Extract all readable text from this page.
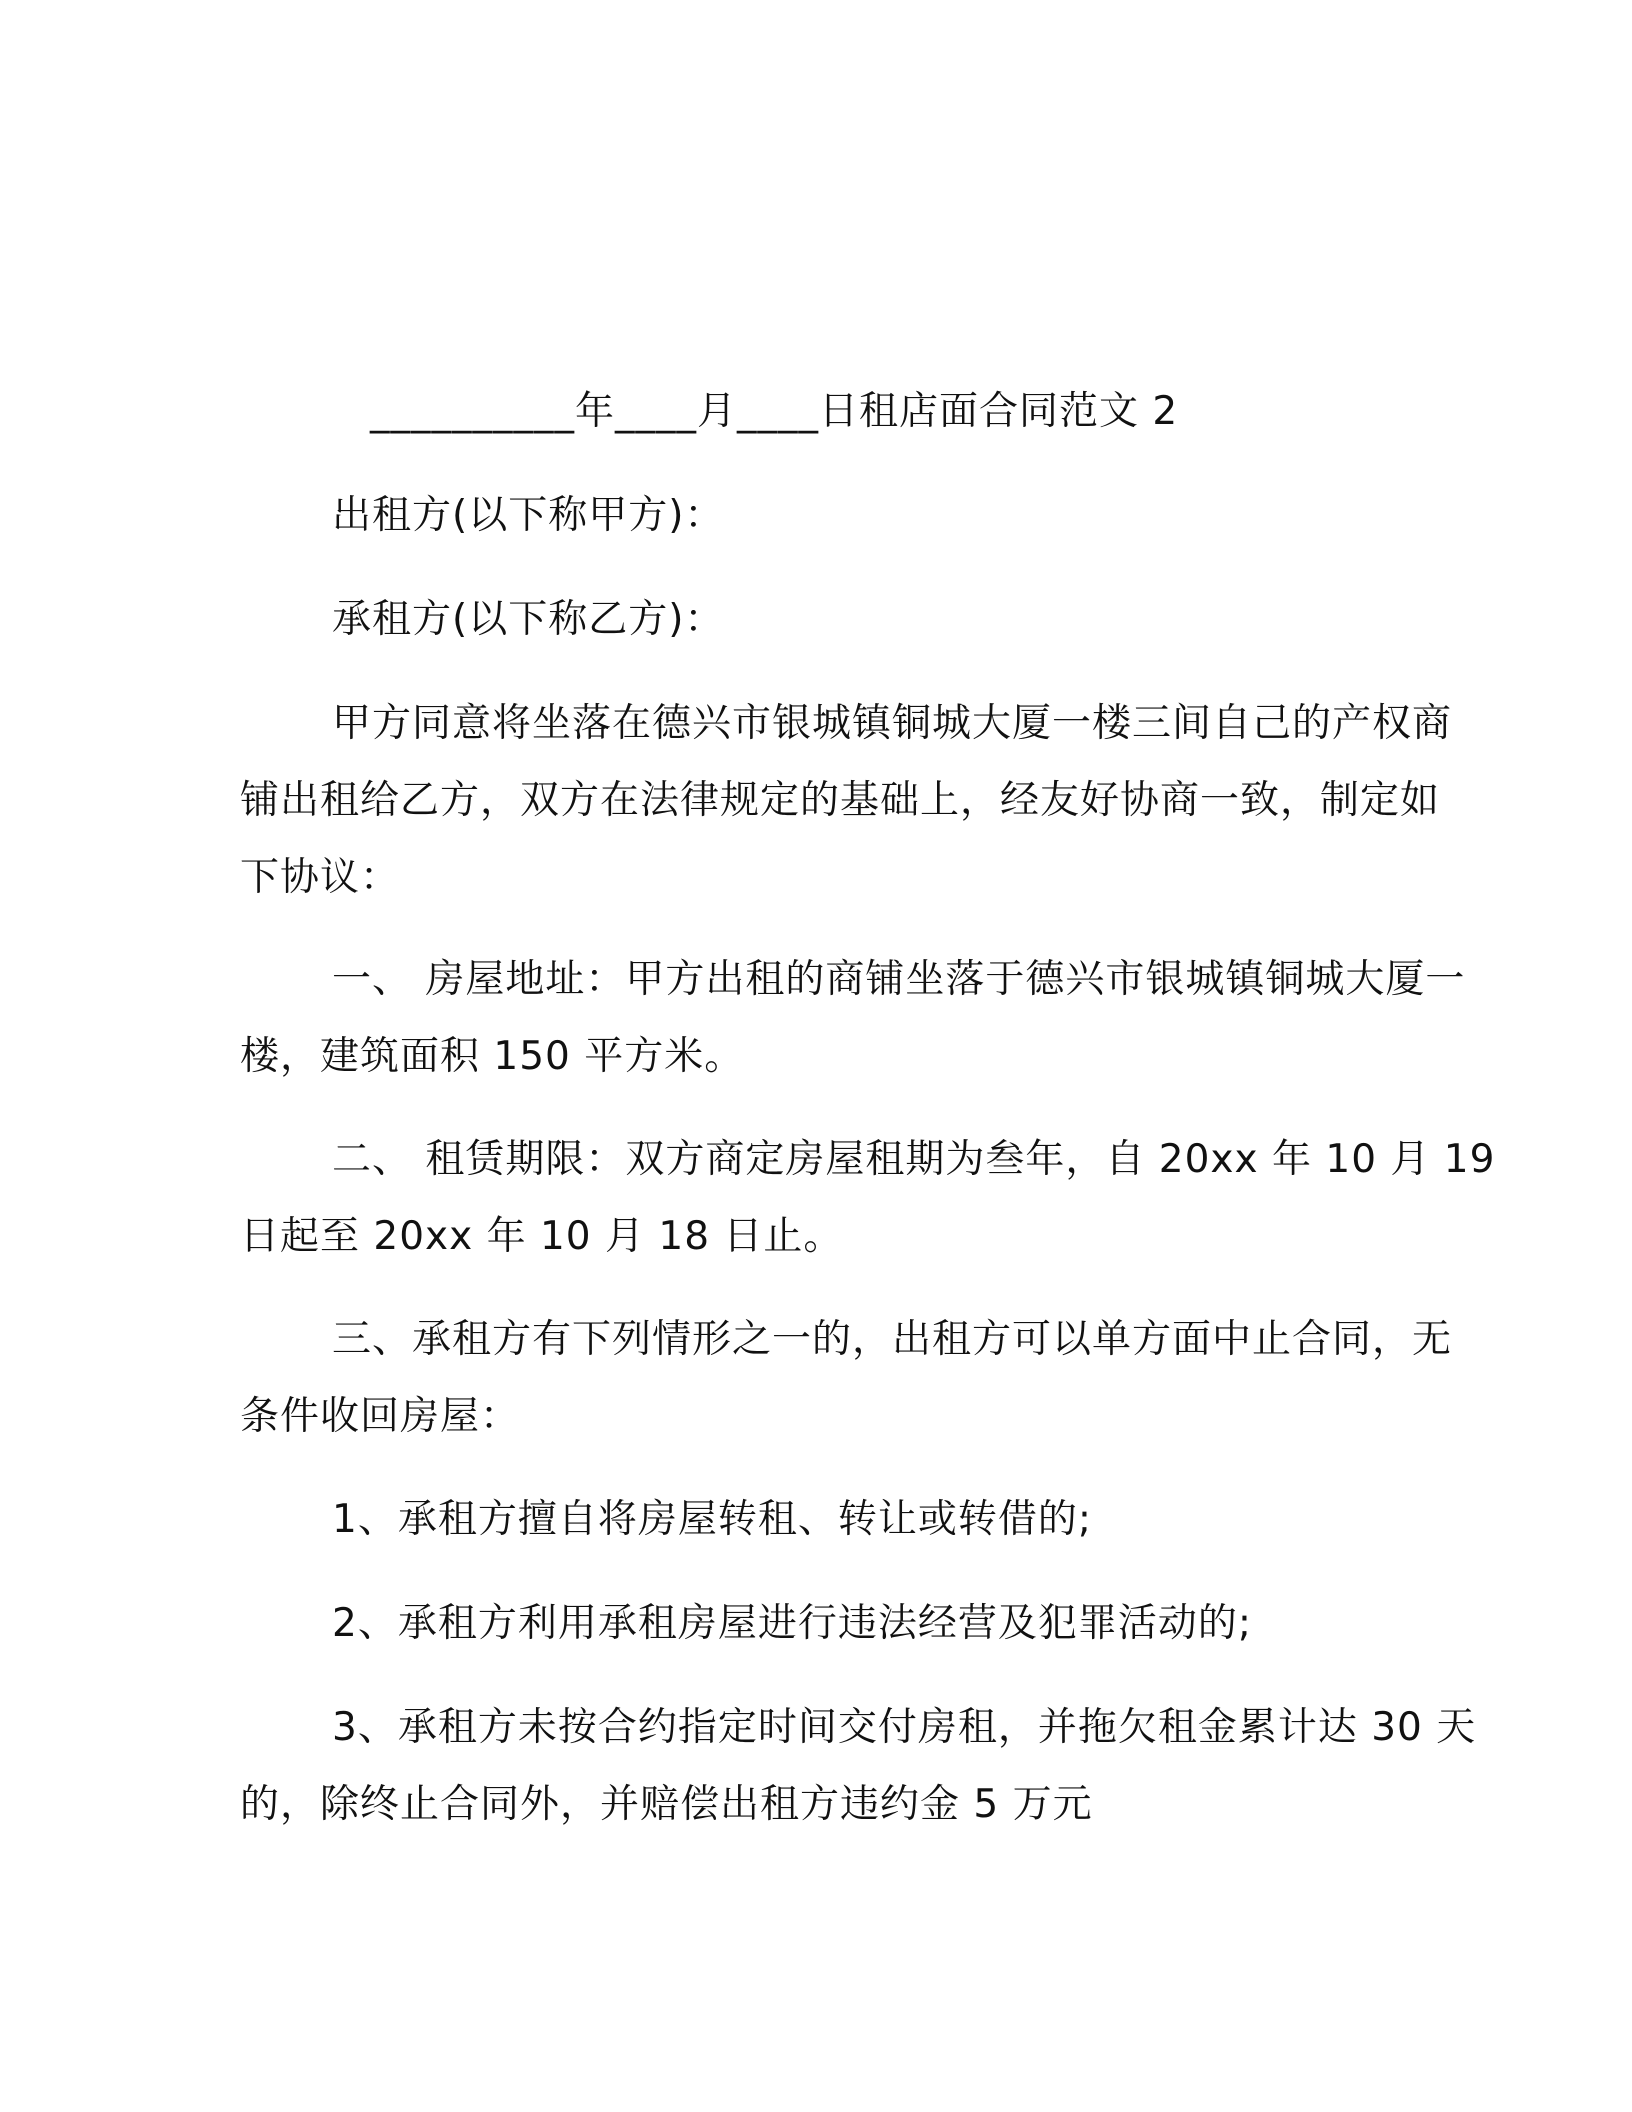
__________年____月____日租店面合同范文 2
出租方(以下称甲方)：
承租方(以下称乙方)：
甲方同意将坐落在德兴市银城镇铜城大厦一楼三间自己的产权商
铺出租给乙方，双方在法律规定的基础上，经友好协商一致，制定如
下协议：
一、 房屋地址：甲方出租的商铺坐落于德兴市银城镇铜城大厦一
楼，建筑面积 150 平方米。
二、 租赁期限：双方商定房屋租期为叁年，自 20xx 年 10 月 19
日起至 20xx 年 10 月 18 日止。
三、承租方有下列情形之一的，出租方可以单方面中止合同，无
条件收回房屋：
1、承租方擅自将房屋转租、转让或转借的;
2、承租方利用承租房屋进行违法经营及犯罪活动的;
3、承租方未按合约指定时间交付房租，并拖欠租金累计达 30 天
的，除终止合同外，并赔偿出租方违约金 5 万元
